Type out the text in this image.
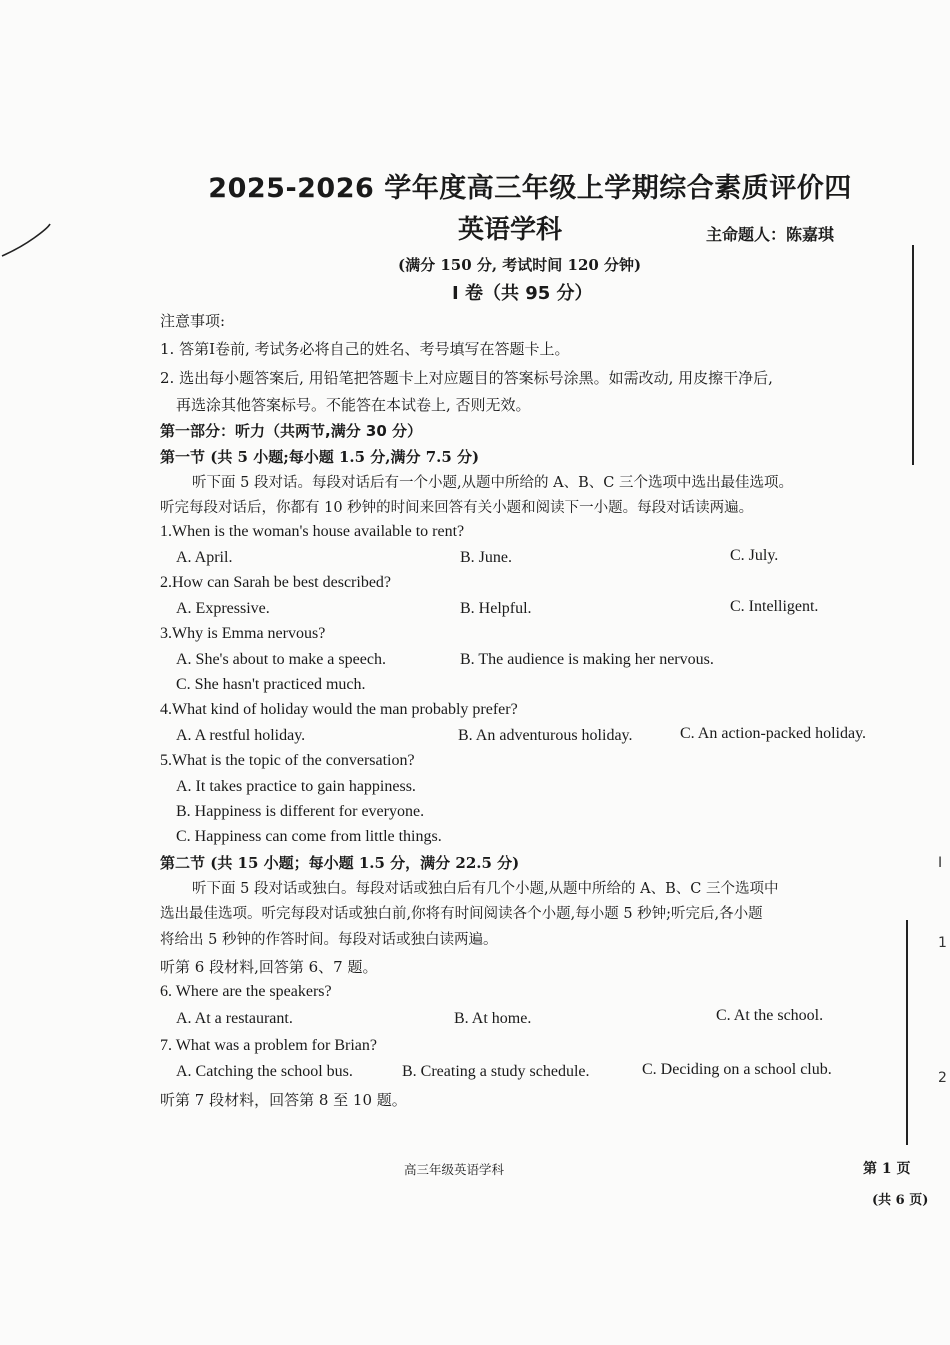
I
1
2
2025-2026 学年度高三年级上学期综合素质评价四
英语学科	主命题人：陈嘉琪
(满分 150 分, 考试时间 120 分钟)
Ⅰ 卷（共 95 分）
注意事项:
1. 答第Ⅰ卷前, 考试务必将自己的姓名、考号填写在答题卡上。
2. 选出每小题答案后, 用铅笔把答题卡上对应题目的答案标号涂黑。如需改动, 用皮擦干净后,
再选涂其他答案标号。不能答在本试卷上, 否则无效。
第一部分：听力（共两节,满分 30 分）
第一节 (共 5 小题;每小题 1.5 分,满分 7.5 分)
听下面 5 段对话。每段对话后有一个小题,从题中所给的 A、B、C 三个选项中选出最佳选项。
听完每段对话后，你都有 10 秒钟的时间来回答有关小题和阅读下一小题。每段对话读两遍。
1.When is the woman's house available to rent?
A. April.	B. June.	C. July.
2.How can Sarah be best described?
A. Expressive.	B. Helpful.	C. Intelligent.
3.Why is Emma nervous?
A. She's about to make a speech.	B. The audience is making her nervous.
C. She hasn't practiced much.
4.What kind of holiday would the man probably prefer?
A. A restful holiday.	B. An adventurous holiday.	C. An action-packed holiday.
5.What is the topic of the conversation?
A. It takes practice to gain happiness.
B. Happiness is different for everyone.
C. Happiness can come from little things.
第二节 (共 15 小题；每小题 1.5 分，满分 22.5 分)
听下面 5 段对话或独白。每段对话或独白后有几个小题,从题中所给的 A、B、C 三个选项中
选出最佳选项。听完每段对话或独白前,你将有时间阅读各个小题,每小题 5 秒钟;听完后,各小题
将给出 5 秒钟的作答时间。每段对话或独白读两遍。
听第 6 段材料,回答第 6、7 题。
6. Where are the speakers?
A. At a restaurant.	B. At home.	C. At the school.
7. What was a problem for Brian?
A. Catching the school bus.	B. Creating a study schedule.	C. Deciding on a school club.
听第 7 段材料，回答第 8 至 10 题。
高三年级英语学科	第 1 页
(共 6 页)
